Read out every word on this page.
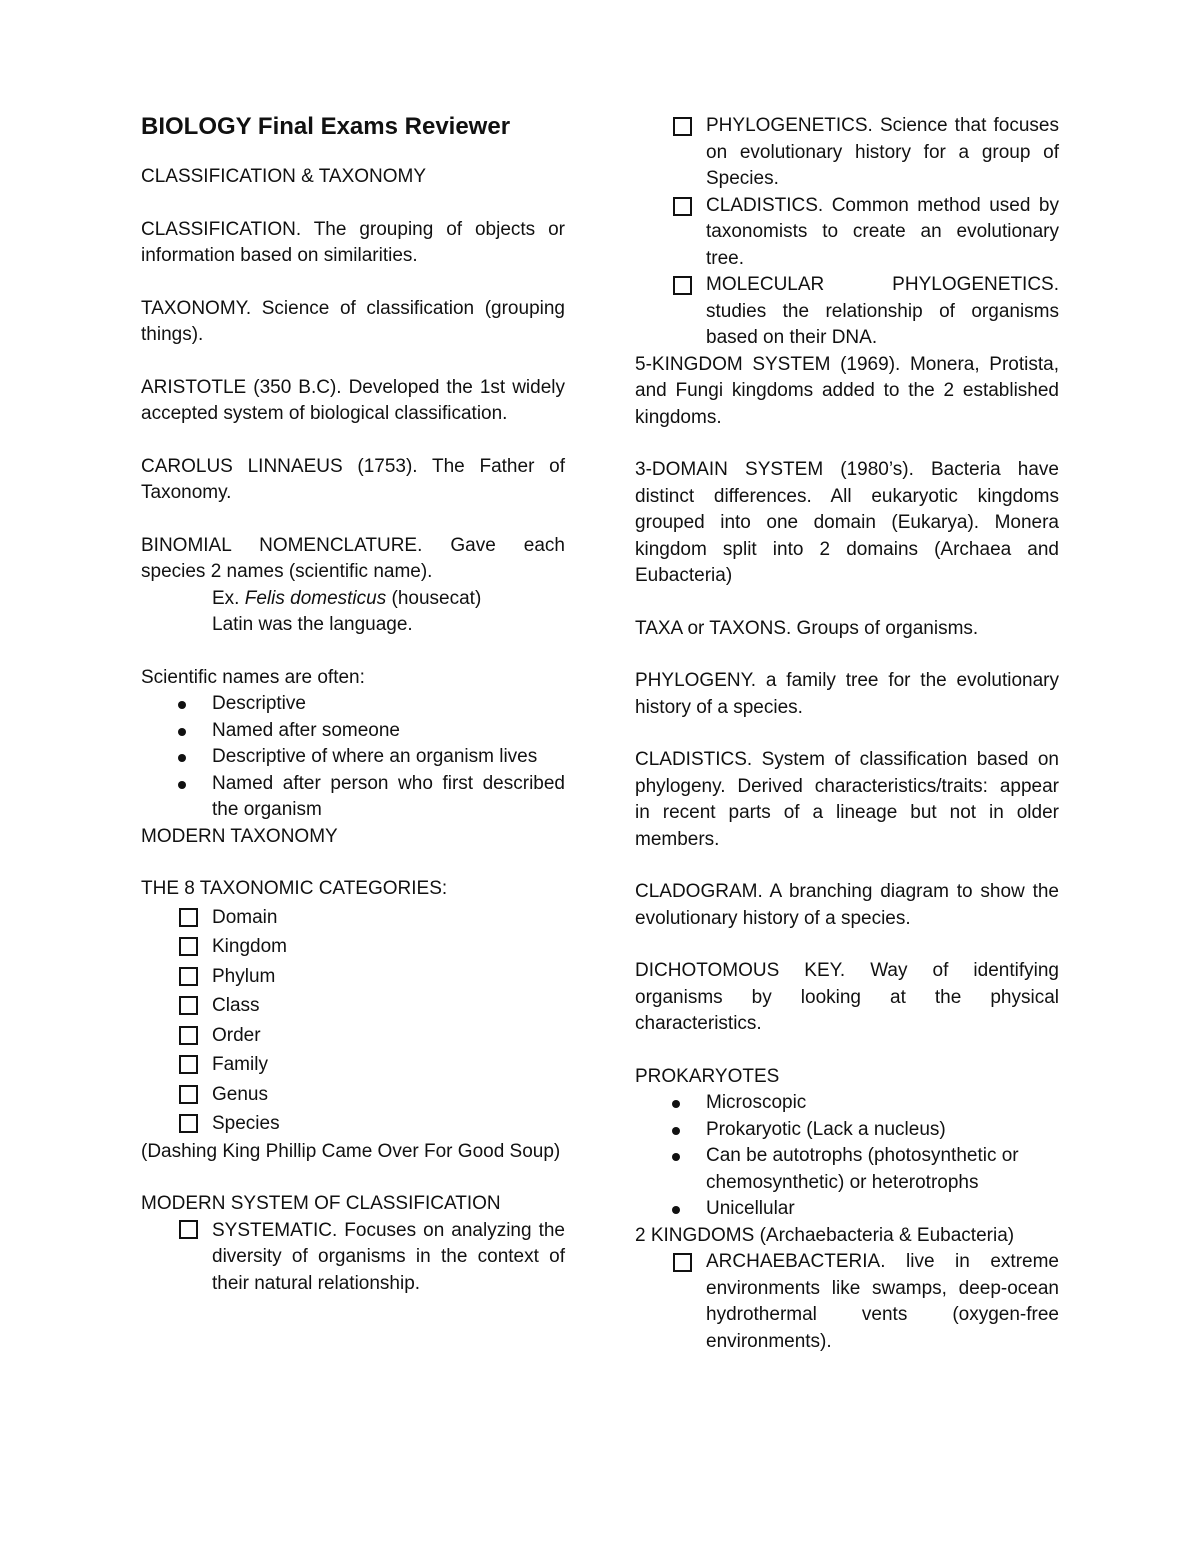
BIOLOGY Final Exams Reviewer

CLASSIFICATION & TAXONOMY

CLASSIFICATION. The grouping of objects or information based on similarities.

TAXONOMY. Science of classification (grouping things).

ARISTOTLE (350 B.C). Developed the 1st widely accepted system of biological classification.

CAROLUS LINNAEUS (1753). The Father of Taxonomy.

BINOMIAL NOMENCLATURE. Gave each species 2 names (scientific name).

Ex. Felis domesticus (housecat)

Latin was the language.

Scientific names are often:

Descriptive
Named after someone
Descriptive of where an organism lives
Named after person who first described the organism

MODERN TAXONOMY

THE 8 TAXONOMIC CATEGORIES:

Domain
Kingdom
Phylum
Class
Order
Family
Genus
Species

(Dashing King Phillip Came Over For Good Soup)

MODERN SYSTEM OF CLASSIFICATION

SYSTEMATIC. Focuses on analyzing the diversity of organisms in the context of their natural relationship.
PHYLOGENETICS. Science that focuses on evolutionary history for a group of Species.
CLADISTICS. Common method used by taxonomists to create an evolutionary tree.
MOLECULAR PHYLOGENETICS. studies the relationship of organisms based on their DNA.

5-KINGDOM SYSTEM (1969). Monera, Protista, and Fungi kingdoms added to the 2 established kingdoms.

3-DOMAIN SYSTEM (1980’s). Bacteria have distinct differences. All eukaryotic kingdoms grouped into one domain (Eukarya). Monera kingdom split into 2 domains (Archaea and Eubacteria)

TAXA or TAXONS. Groups of organisms.

PHYLOGENY. a family tree for the evolutionary history of a species.

CLADISTICS. System of classification based on phylogeny. Derived characteristics/traits: appear in recent parts of a lineage but not in older members.

CLADOGRAM. A branching diagram to show the evolutionary history of a species.

DICHOTOMOUS KEY. Way of identifying organisms by looking at the physical characteristics.

PROKARYOTES

Microscopic
Prokaryotic (Lack a nucleus)
Can be autotrophs (photosynthetic or chemosynthetic) or heterotrophs
Unicellular

2 KINGDOMS (Archaebacteria & Eubacteria)

ARCHAEBACTERIA. live in extreme environments like swamps, deep-ocean hydrothermal vents (oxygen-free environments).
